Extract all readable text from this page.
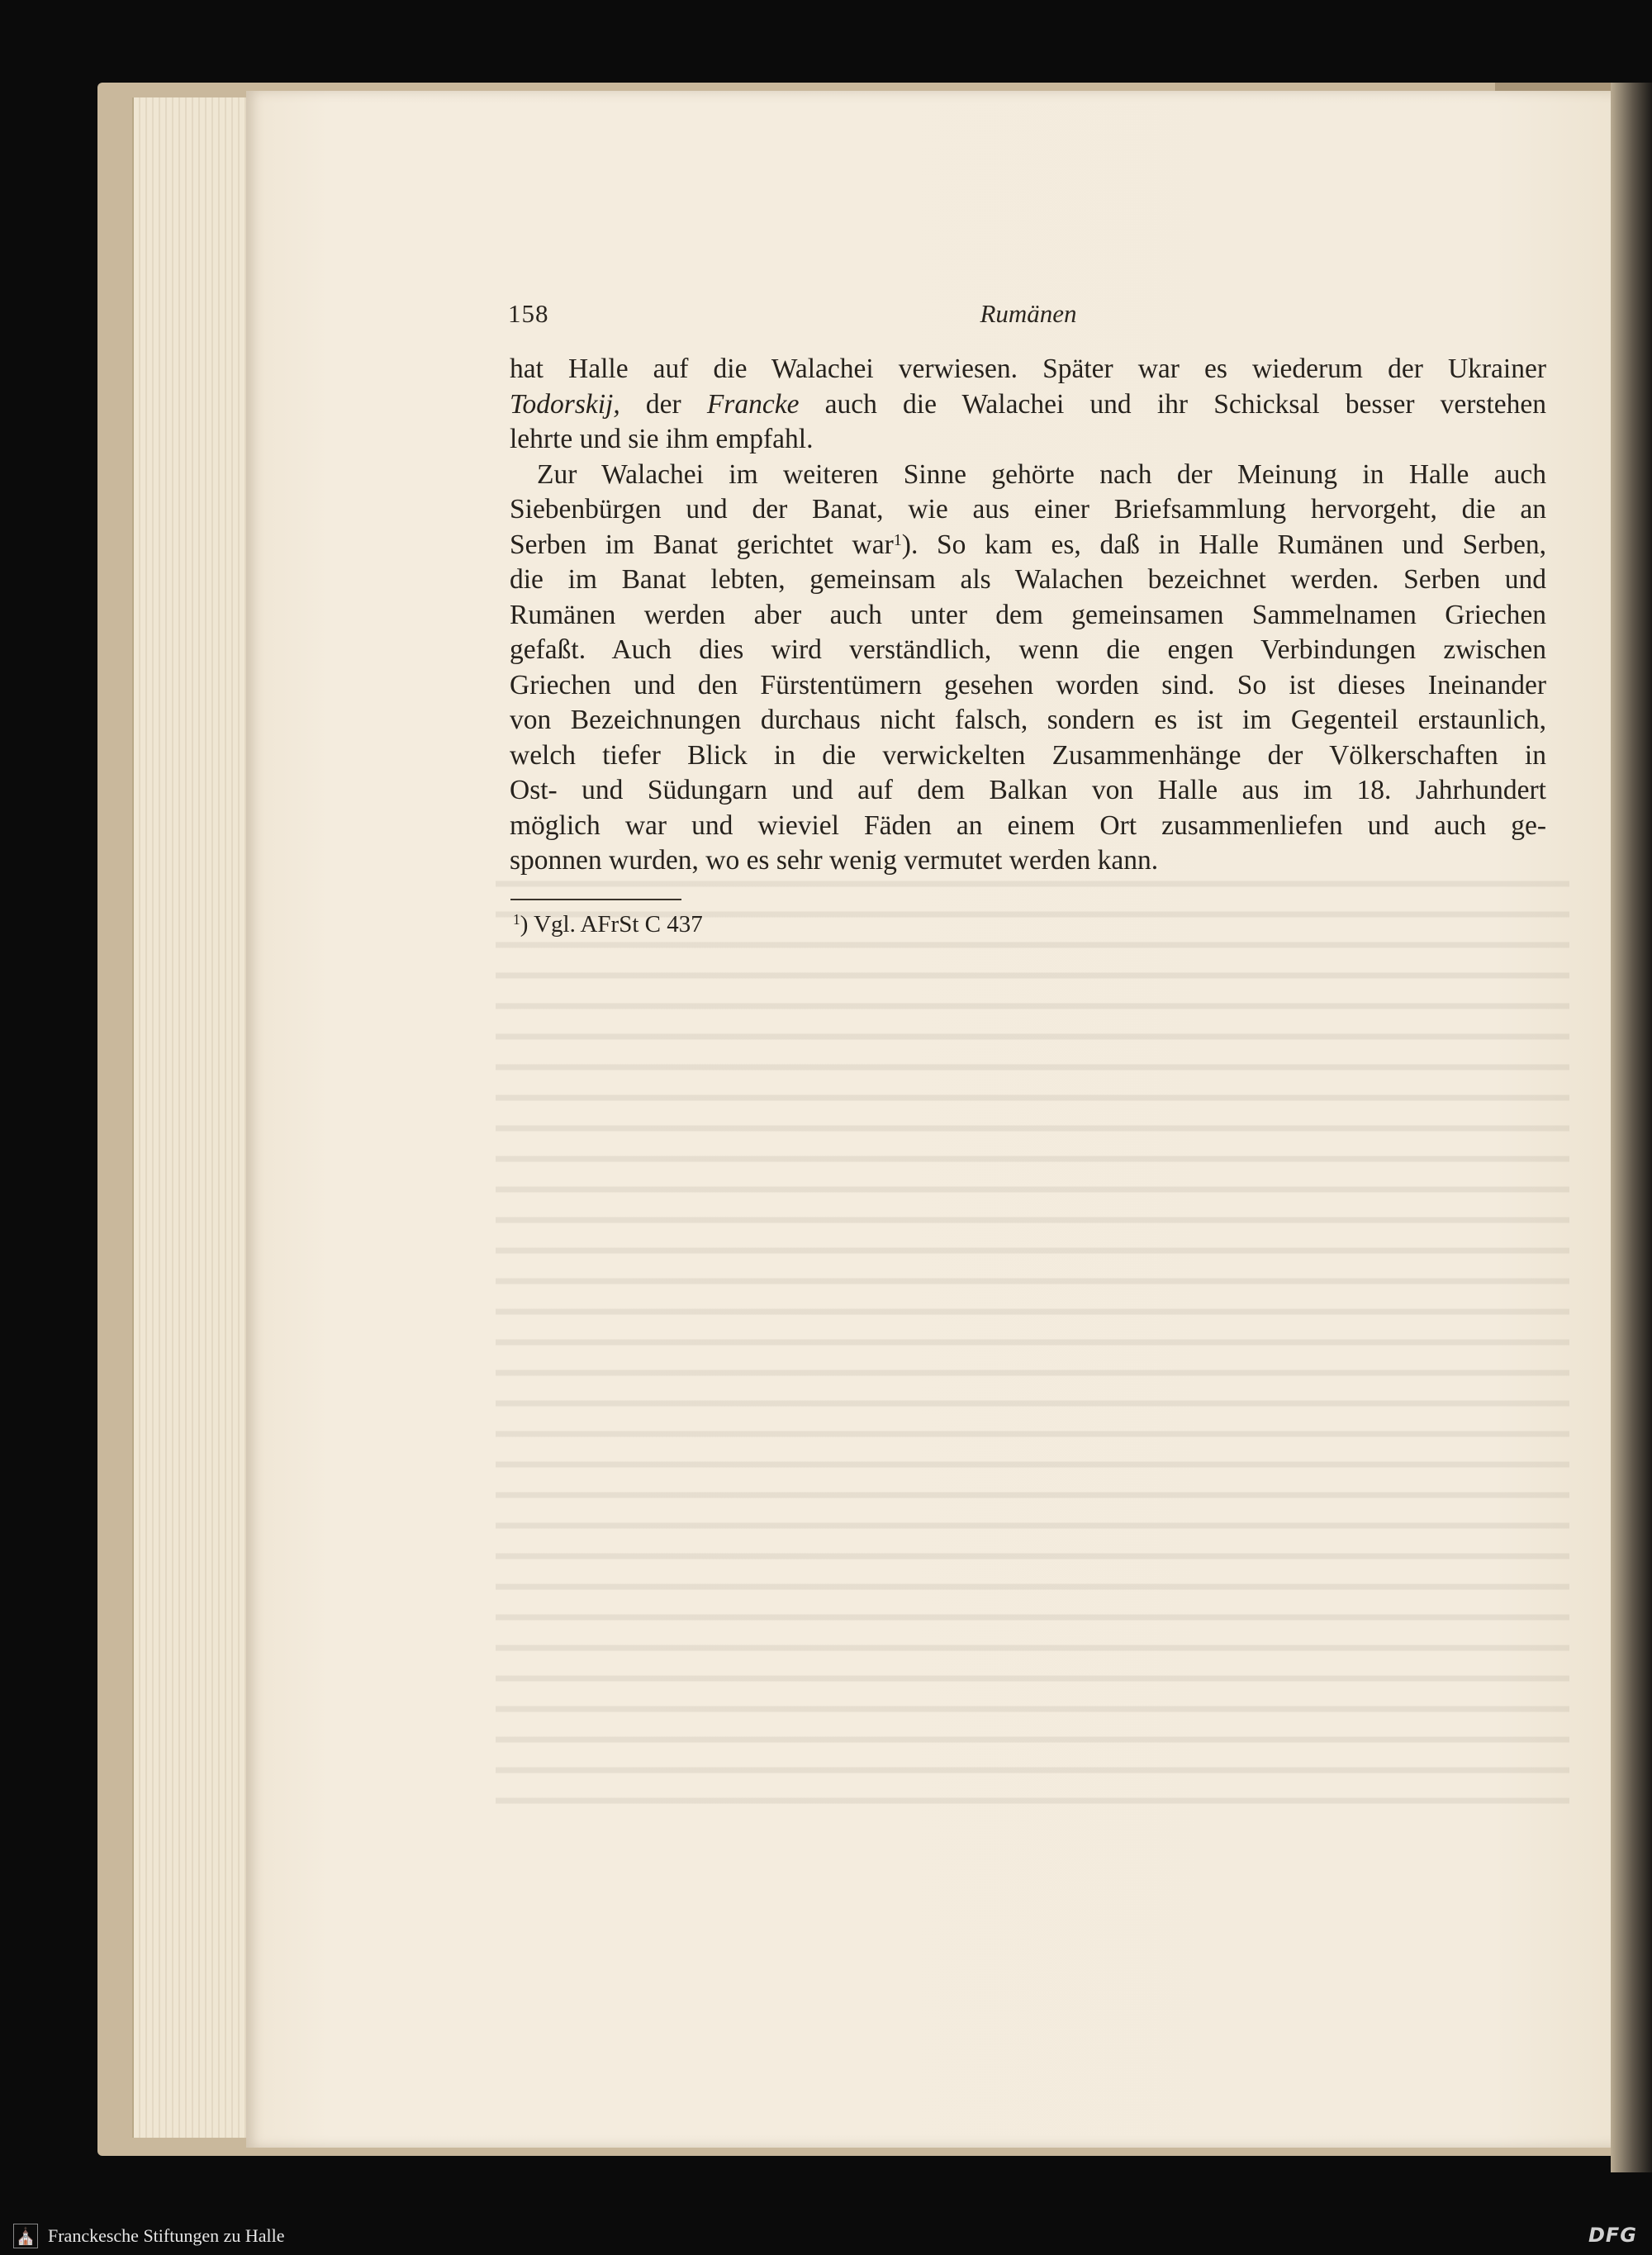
158	Rumänen

hat Halle auf die Walachei verwiesen. Später war es wiederum der Ukrainer
Todorskij, der Francke auch die Walachei und ihr Schicksal besser verstehen
lehrte und sie ihm empfahl.

Zur Walachei im weiteren Sinne gehörte nach der Meinung in Halle auch
Siebenbürgen und der Banat, wie aus einer Briefsammlung hervorgeht, die an
Serben im Banat gerichtet war$^1$). So kam es, daß in Halle Rumänen und Serben,
die im Banat lebten, gemeinsam als Walachen bezeichnet werden. Serben und
Rumänen werden aber auch unter dem gemeinsamen Sammelnamen Griechen
gefaßt. Auch dies wird verständlich, wenn die engen Verbindungen zwischen
Griechen und den Fürstentümern gesehen worden sind. So ist dieses Ineinander
von Bezeichnungen durchaus nicht falsch, sondern es ist im Gegenteil erstaunlich,
welch tiefer Blick in die verwickelten Zusammenhänge der Völkerschaften in
Ost- und Südungarn und auf dem Balkan von Halle aus im 18. Jahrhundert
möglich war und wieviel Fäden an einem Ort zusammenliefen und auch ge-
sponnen wurden, wo es sehr wenig vermutet werden kann.

$^1$) Vgl. AFrSt C 437
⛪ Franckesche Stiftungen zu Halle	DFG
